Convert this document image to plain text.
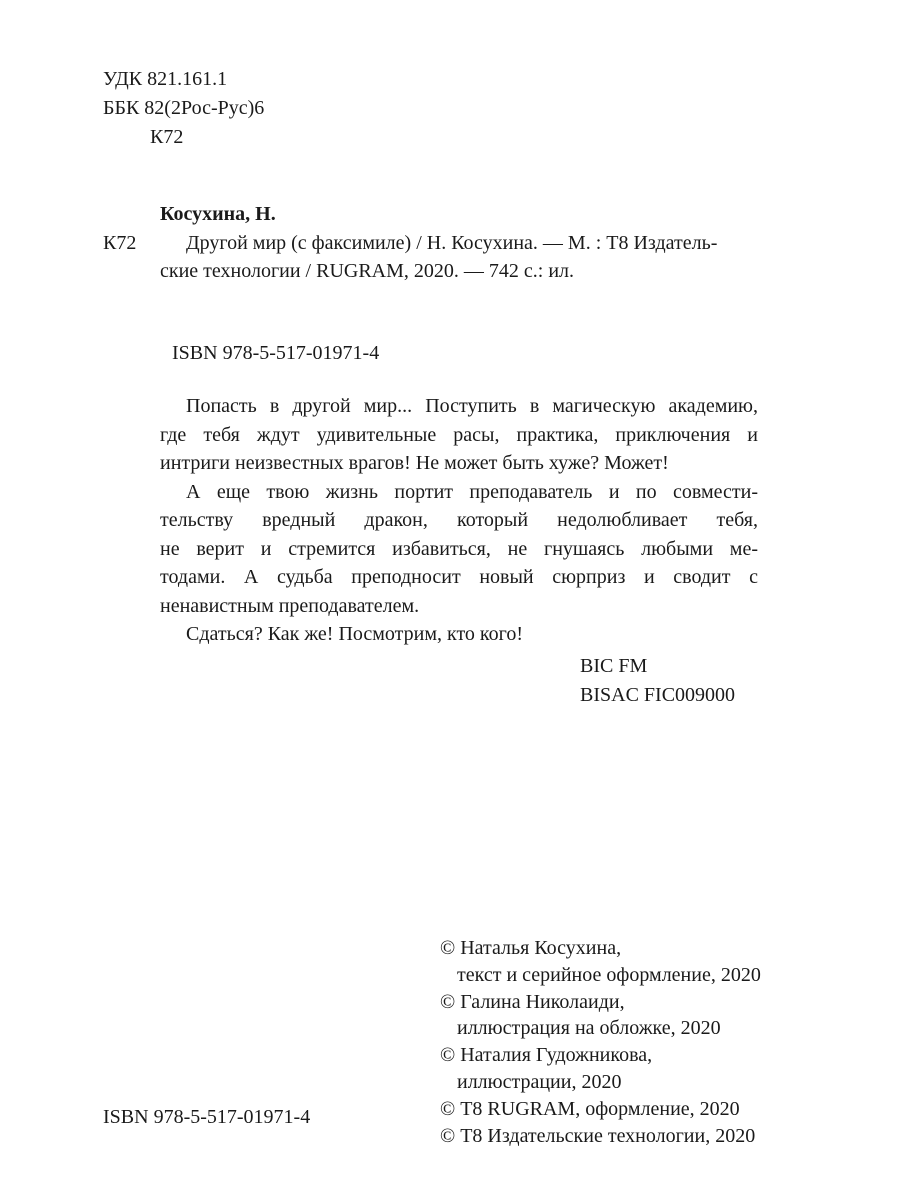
УДК 821.161.1
ББК 82(2Рос-Рус)6
К72
Косухина, Н.
К72 Другой мир (с факсимиле) / Н. Косухина. — М. : Т8 Издатель-
ские технологии / RUGRAM, 2020. — 742 с.: ил.
ISBN 978-5-517-01971-4

Попасть в другой мир... Поступить в магическую академию,

где тебя ждут удивительные расы, практика, приключения и

интриги неизвестных врагов! Не может быть хуже? Может!

А еще твою жизнь портит преподаватель и по совмести-

тельству вредный дракон, который недолюбливает тебя,

не верит и стремится избавиться, не гнушаясь любыми ме-

тодами. А судьба преподносит новый сюрприз и сводит с

ненавистным преподавателем.

Сдаться? Как же! Посмотрим, кто кого!

BIC FM
BISAC FIC009000
© Наталья Косухина,
текст и серийное оформление, 2020
© Галина Николаиди,
иллюстрация на обложке, 2020
© Наталия Гудожникова,
иллюстрации, 2020
© Т8 RUGRAM, оформление, 2020
© Т8 Издательские технологии, 2020
ISBN 978-5-517-01971-4
